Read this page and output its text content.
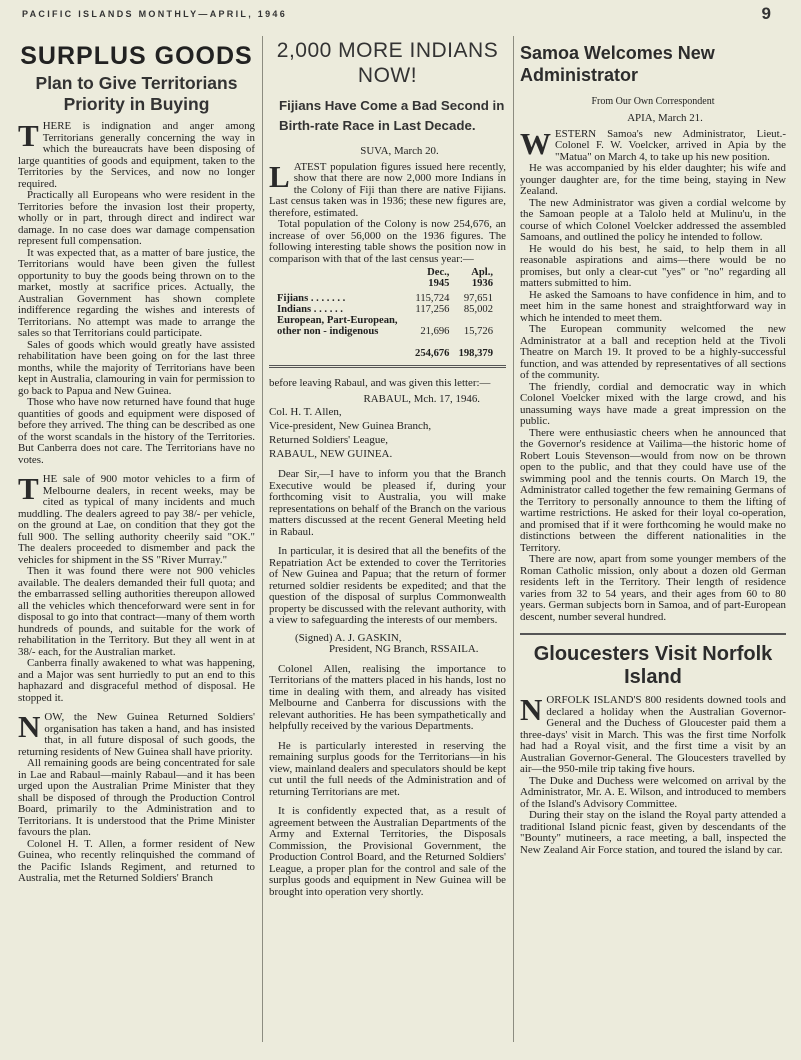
PACIFIC ISLANDS MONTHLY—APRIL, 1946	9
SURPLUS GOODS
Plan to Give Territorians Priority in Buying

THERE is indignation and anger among Territorians generally concerning the way in which the bureaucrats have been disposing of large quantities of goods and equipment, taken to the Territories by the Services, and now no longer required.

Practically all Europeans who were resident in the Territories before the invasion lost their property, wholly or in part, through direct and indirect war damage. In no case does war damage compensation represent full compensation.

It was expected that, as a matter of bare justice, the Territorians would have been given the fullest opportunity to buy the goods being thrown on to the market, mostly at sacrifice prices. Actually, the Australian Government has shown complete indifference regarding the wishes and interests of Territorians. No attempt was made to arrange the sales so that Territorians could participate.

Sales of goods which would greatly have assisted rehabilitation have been going on for the last three months, while the majority of Territorians have been kept in Australia, clamouring in vain for permission to go back to Papua and New Guinea.

Those who have now returned have found that huge quantities of goods and equipment were disposed of before they arrived. The thing can be described as one of the worst scandals in the history of the Territories. But Canberra does not care. The Territorians have no votes.

THE sale of 900 motor vehicles to a firm of Melbourne dealers, in recent weeks, may be cited as typical of many incidents and much muddling. The dealers agreed to pay 38/- per vehicle, on the ground at Lae, on condition that they got the full 900. The selling authority cheerily said "OK." The dealers proceeded to dismember and pack the vehicles for shipment in the SS "River Murray."

Then it was found there were not 900 vehicles available. The dealers demanded their full quota; and the embarrassed selling authorities thereupon allowed all the vehicles which thenceforward were sent in for disposal to go into that contract—many of them worth hundreds of pounds, and suitable for the work of rehabilitation in the Territory. But they all went in at 38/- each, for the Australian market.

Canberra finally awakened to what was happening, and a Major was sent hurriedly to put an end to this haphazard and disgraceful method of disposal. He stopped it.

NOW, the New Guinea Returned Soldiers' organisation has taken a hand, and has insisted that, in all future disposal of such goods, the returning residents of New Guinea shall have priority.

All remaining goods are being concentrated for sale in Lae and Rabaul—mainly Rabaul—and it has been urged upon the Australian Prime Minister that they shall be disposed of through the Production Control Board, primarily to the Administration and to Territorians. It is understood that the Prime Minister favours the plan.

Colonel H. T. Allen, a former resident of New Guinea, who recently relinquished the command of the Pacific Islands Regiment, and returned to Australia, met the Returned Soldiers' Branch

2,000 MORE INDIANS NOW!
Fijians Have Come a Bad Second in Birth-rate Race in Last Decade.

SUVA, March 20.

LATEST population figures issued here recently, show that there are now 2,000 more Indians in the Colony of Fiji than there are native Fijians. Last census taken was in 1936; these new figures are, therefore, estimated.

Total population of the Colony is now 254,676, an increase of over 56,000 on the 1936 figures. The following interesting table shows the position now in comparison with that of the last census year:—

	Dec., 1945	Apl., 1936
Fijians . . . . . . .	115,724	97,651
Indians . . . . . .	117,256	85,002
European, Part-European, other non - indigenous	21,696	15,726
	254,676	198,379

before leaving Rabaul, and was given this letter:—

RABAUL, Mch. 17, 1946.

Col. H. T. Allen,

Vice-president, New Guinea Branch,

Returned Soldiers' League,

RABAUL, NEW GUINEA.

Dear Sir,—I have to inform you that the Branch Executive would be pleased if, during your forthcoming visit to Australia, you will make representations on behalf of the Branch on the various matters discussed at the recent General Meeting held in Rabaul.

In particular, it is desired that all the benefits of the Repatriation Act be extended to cover the Territories of New Guinea and Papua; that the return of former returned soldier residents be expedited; and that the question of the disposal of surplus Commonwealth property be discussed with the relevant authority, with a view to safeguarding the interests of our members.

(Signed) A. J. GASKIN,

President, NG Branch, RSSAILA.

Colonel Allen, realising the importance to Territorians of the matters placed in his hands, lost no time in dealing with them, and already has visited Melbourne and Canberra for discussions with the relevant authorities. He has been sympathetically and helpfully received by the various Departments.

He is particularly interested in reserving the remaining surplus goods for the Territorians—in his view, mainland dealers and speculators should be kept cut until the full needs of the Administration and of returning Territorians are met.

It is confidently expected that, as a result of agreement between the Australian Departments of the Army and External Territories, the Disposals Commission, the Provisional Government, the Production Control Board, and the Returned Soldiers' League, a proper plan for the control and sale of the surplus goods and equipment in New Guinea will be brought into operation very shortly.

Samoa Welcomes New Administrator
From Our Own Correspondent

APIA, March 21.

WESTERN Samoa's new Administrator, Lieut.-Colonel F. W. Voelcker, arrived in Apia by the "Matua" on March 4, to take up his new position.

He was accompanied by his elder daughter; his wife and younger daughter are, for the time being, staying in New Zealand.

The new Administrator was given a cordial welcome by the Samoan people at a Talolo held at Mulinu'u, in the course of which Colonel Voelcker addressed the assembled Samoans, and outlined the policy he intended to follow.

He would do his best, he said, to help them in all reasonable aspirations and aims—there would be no promises, but only a clear-cut "yes" or "no" regarding all matters submitted to him.

He asked the Samoans to have confidence in him, and to meet him in the same honest and straightforward way in which he intended to meet them.

The European community welcomed the new Administrator at a ball and reception held at the Tivoli Theatre on March 19. It proved to be a highly-successful function, and was attended by representatives of all sections of the community.

The friendly, cordial and democratic way in which Colonel Voelcker mixed with the large crowd, and his unassuming ways have made a great impression on the public.

There were enthusiastic cheers when he announced that the Governor's residence at Vailima—the historic home of Robert Louis Stevenson—would from now on be thrown open to the public, and that they could have use of the swimming pool and the tennis courts. On March 19, the Administrator called together the few remaining Germans of the Territory to personally announce to them the lifting of wartime restrictions. He asked for their loyal co-operation, and promised that if it were forthcoming he would make no distinctions between the different nationalities in the Territory.

There are now, apart from some younger members of the Roman Catholic mission, only about a dozen old German residents left in the Territory. Their length of residence varies from 32 to 54 years, and their ages from 60 to 80 years. German subjects born in Samoa, and of part-European descent, number several hundred.

Gloucesters Visit Norfolk Island

NORFOLK ISLAND'S 800 residents downed tools and declared a holiday when the Australian Governor-General and the Duchess of Gloucester paid them a three-days' visit in March. This was the first time Norfolk had had a Royal visit, and the first time a visit by an Australian Governor-General. The Gloucesters travelled by air—the 950-mile trip taking five hours.

The Duke and Duchess were welcomed on arrival by the Administrator, Mr. A. E. Wilson, and introduced to members of the Island's Advisory Committee.

During their stay on the island the Royal party attended a traditional Island picnic feast, given by descendants of the "Bounty" mutineers, a race meeting, a ball, inspected the New Zealand Air Force station, and toured the island by car.
